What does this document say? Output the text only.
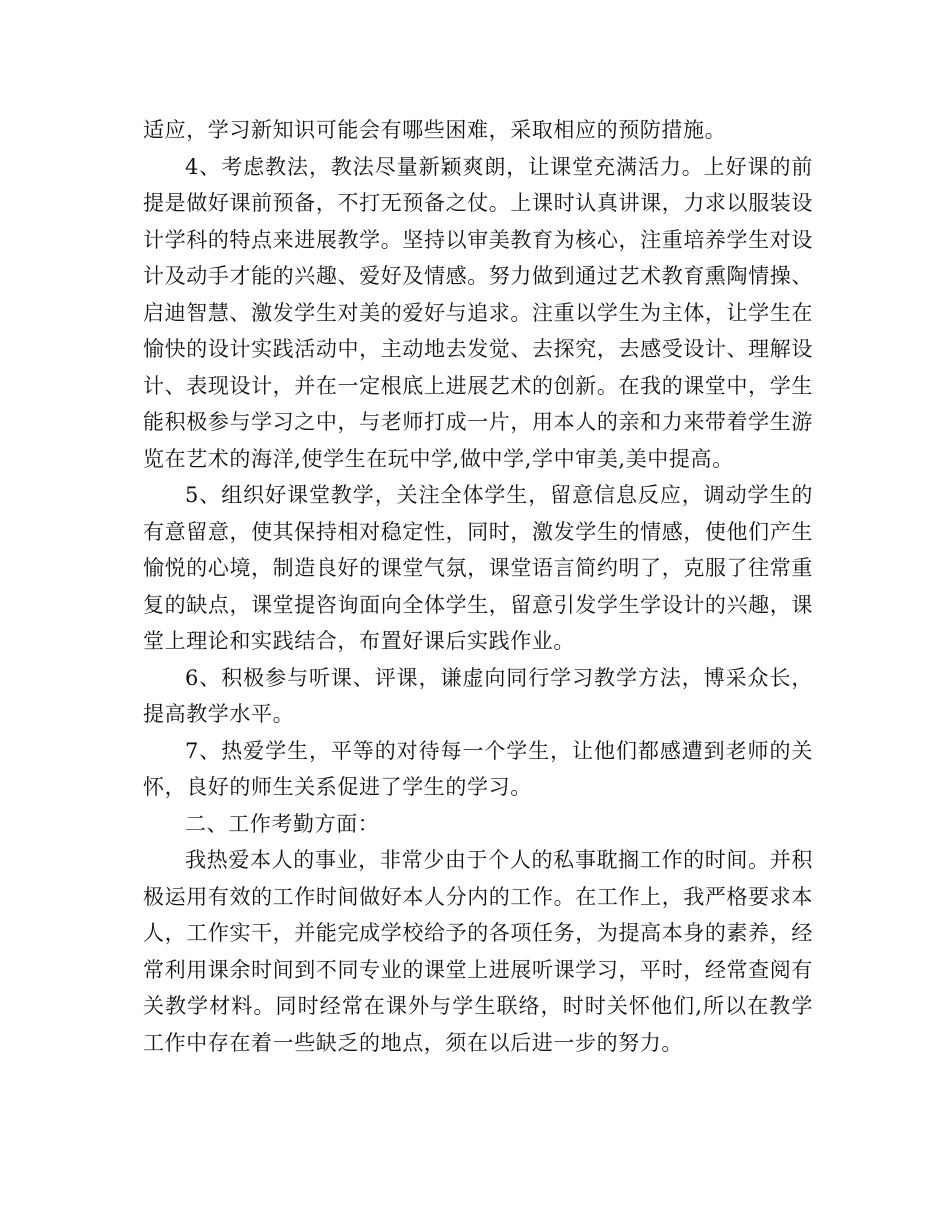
适应，学习新知识可能会有哪些困难，采取相应的预防措施。

4、考虑教法，教法尽量新颖爽朗，让课堂充满活力。上好课的前提是做好课前预备，不打无预备之仗。上课时认真讲课，力求以服装设计学科的特点来进展教学。坚持以审美教育为核心，注重培养学生对设计及动手才能的兴趣、爱好及情感。努力做到通过艺术教育熏陶情操、启迪智慧、激发学生对美的爱好与追求。注重以学生为主体，让学生在愉快的设计实践活动中，主动地去发觉、去探究，去感受设计、理解设计、表现设计，并在一定根底上进展艺术的创新。在我的课堂中，学生能积极参与学习之中，与老师打成一片，用本人的亲和力来带着学生游览在艺术的海洋,使学生在玩中学,做中学,学中审美,美中提高。

5、组织好课堂教学，关注全体学生，留意信息反应，调动学生的有意留意，使其保持相对稳定性，同时，激发学生的情感，使他们产生愉悦的心境，制造良好的课堂气氛，课堂语言简约明了，克服了往常重复的缺点，课堂提咨询面向全体学生，留意引发学生学设计的兴趣，课堂上理论和实践结合，布置好课后实践作业。

6、积极参与听课、评课，谦虚向同行学习教学方法，博采众长，提高教学水平。

7、热爱学生，平等的对待每一个学生，让他们都感遭到老师的关怀，良好的师生关系促进了学生的学习。

二、工作考勤方面：

我热爱本人的事业，非常少由于个人的私事耽搁工作的时间。并积极运用有效的工作时间做好本人分内的工作。在工作上，我严格要求本人，工作实干，并能完成学校给予的各项任务，为提高本身的素养，经常利用课余时间到不同专业的课堂上进展听课学习，平时，经常查阅有关教学材料。同时经常在课外与学生联络，时时关怀他们,所以在教学工作中存在着一些缺乏的地点，须在以后进一步的努力。
